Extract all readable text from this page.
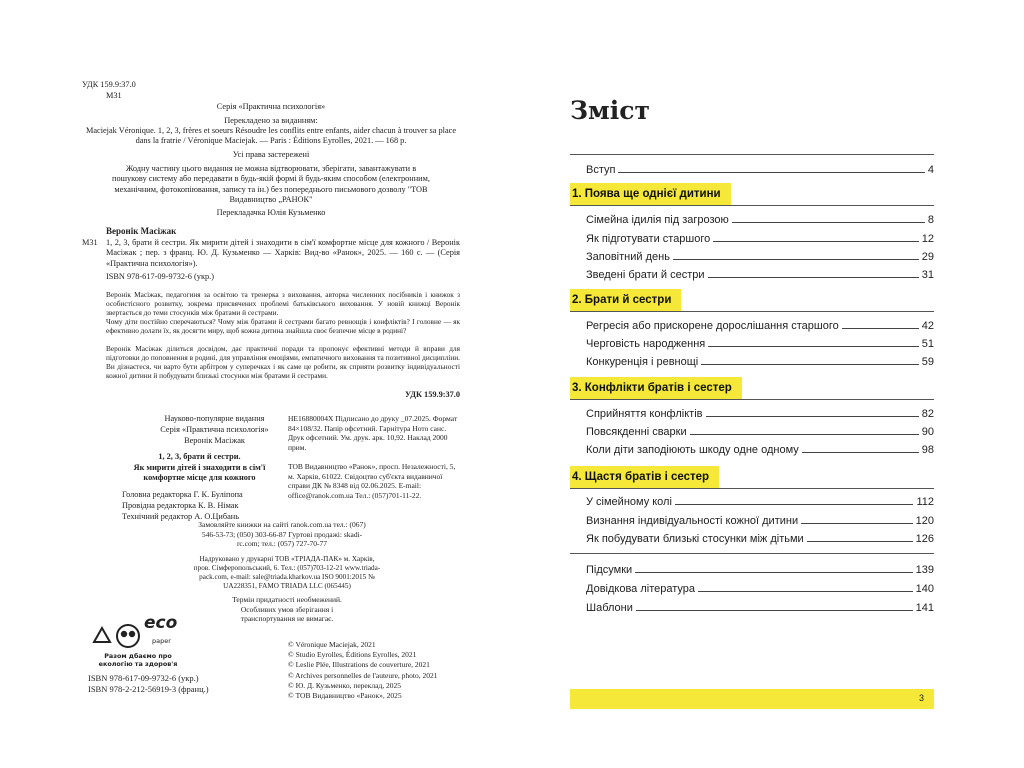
УДК 159.9:37.0
М31
Серія «Практична психологія»
Перекладено за виданням:
Maciejak Véronique. 1, 2, 3, frères et soeurs Résoudre les conflits entre enfants, aider chacun à trouver sa place dans la fratrie / Véronique Maciejak. — Paris : Éditions Eyrolles, 2021. — 168 p.
Усі права застережені
Жодну частину цього видання не можна відтворювати, зберігати, завантажувати в пошукову систему або передавати в будь-якій формі й будь-яким способом (електронним, механічним, фотокопіювання, запису та ін.) без попереднього письмового дозволу "ТОВ Видавництво „РАНОК"
Перекладачка Юлія Кузьменко
Веронік Масіжак
М31 1, 2, 3, брати й сестри. Як мирити дітей і знаходити в сім'ї комфортне місце для кожного / Веронік Масіжак ; пер. з франц. Ю. Д. Кузьменко — Харків: Вид-во «Ранок», 2025. — 160 с. — (Серія «Практична психологія»).
ISBN 978-617-09-9732-6 (укр.)
Веронік Масіжак, педагогиня за освітою та тренерка з виховання, авторка численних посібників і книжок з особистісного розвитку, зокрема присвячених проблемі батьківського виховання. У новій книжці Веронік звертається до теми стосунків між братами й сестрами.
Чому діти постійно сперечаються? Чому між братами й сестрами багато ревнощів і конфліктів? І головне — як ефективно долати їх, як досягти миру, щоб кожна дитина знайшла своє безпечне місце в родині?
Веронік Масіжак ділиться досвідом, дає практичні поради та пропонує ефективні методи й вправи для підготовки до поповнення в родині, для управління емоціями, емпатичного виховання та позитивної дисципліни. Ви дізнаєтеся, чи варто бути арбітром у суперечках і як саме це робити, як сприяти розвитку індивідуальності кожної дитини й побудувати близькі стосунки між братами й сестрами.
УДК 159.9:37.0
Науково-популярне видання
Серія «Практична психологія»
Веронік Масіжак
1, 2, 3, брати й сестри.
Як мирити дітей і знаходити в сім'ї комфортне місце для кожного
Головна редакторка Г. К. Буліпопа
Провідна редакторка К. В. Німак
Технічний редактор А. О.Цибань
НЕ16880004Х Підписано до друку _07.2025. Формат 84×108/32. Папір офсетний. Гарнітура Ното санс. Друк офсетний. Ум. друк. арк. 10,92. Наклад 2000 прим.
ТОВ Видавництво «Ранок», просп. Незалежності, 5, м. Харків, 61022. Свідоцтво суб'єкта видавничої справи ДК № 8348 від 02.06.2025. E-mail: office@ranok.com.ua Тел.: (057)701-11-22.
Замовляйте книжки на сайті ranok.com.ua тел.: (067) 546-53-73; (050) 303-66-87 Гуртові продажі: skadi-rc.com; тел.: (057) 727-70-77
Надруковано у друкарні ТОВ «ТРІАДА-ПАК» м. Харків, пров. Сімферопольський, 6. Тел.: (057)703-12-21 www.triada-pack.com, e-mail: sale@triada.kharkov.ua ISO 9001:2015 № UA228351, FAMO TRIADA LLC (065445)
Термін придатності необмежений. Особливих умов зберігання і транспортування не вимагає.
eco
paper
Разом дбаємо про екологію та здоров'я
ISBN 978-617-09-9732-6 (укр.)
ISBN 978-2-212-56919-3 (франц.)
© Véronique Maciejak, 2021
© Studio Eyrolles, Éditions Eyrolles, 2021
© Leslie Plée, Illustrations de couverture, 2021
© Archives personnelles de l'auteure, photo, 2021
© Ю. Д. Кузьменко, переклад, 2025
© ТОВ Видавництво «Ранок», 2025
Зміст
Вступ	4
1. Поява ще однієї дитини
Сімейна ідилія під загрозою	8
Як підготувати старшого	12
Заповітний день	29
Зведені брати й сестри	31
2. Брати й сестри
Регресія або прискорене дорослішання старшого	42
Черговість народження	51
Конкуренція і ревнощі	59
3. Конфлікти братів і сестер
Сприйняття конфліктів	82
Повсякденні сварки	90
Коли діти заподіюють шкоду одне одному	98
4. Щастя братів і сестер
У сімейному колі	112
Визнання індивідуальності кожної дитини	120
Як побудувати близькі стосунки між дітьми	126
Підсумки	139
Довідкова література	140
Шаблони	141
3
